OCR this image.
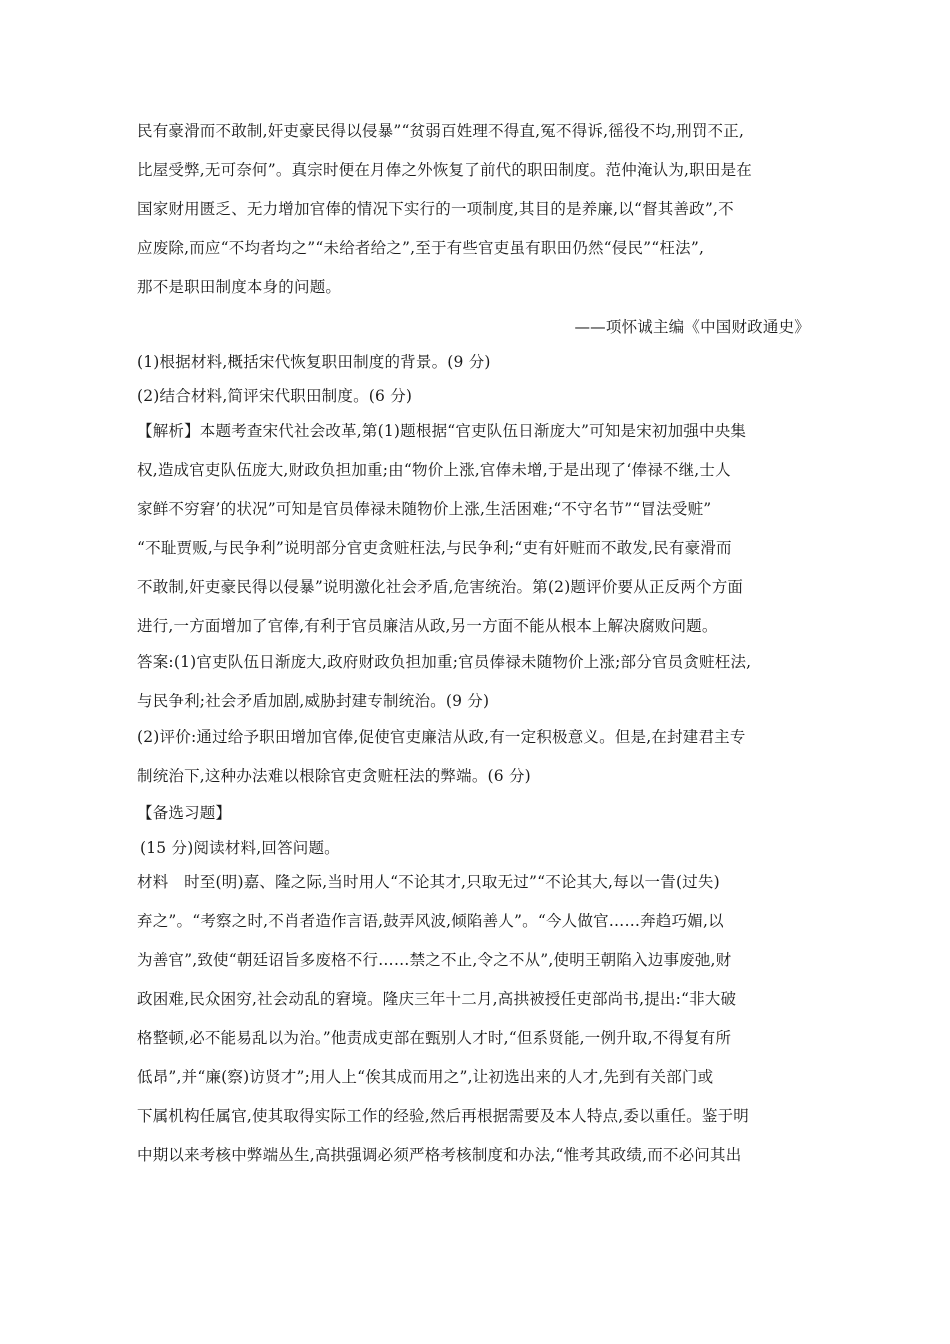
民有豪滑而不敢制,奸吏豪民得以侵暴”“贫弱百姓理不得直,冤不得诉,徭役不均,刑罚不正,
比屋受弊,无可奈何”。真宗时便在月俸之外恢复了前代的职田制度。范仲淹认为,职田是在
国家财用匮乏、无力增加官俸的情况下实行的一项制度,其目的是养廉,以“督其善政”,不
应废除,而应“不均者均之”“未给者给之”,至于有些官吏虽有职田仍然“侵民”“枉法”,
那不是职田制度本身的问题。
——项怀诚主编《中国财政通史》
(1)根据材料,概括宋代恢复职田制度的背景。(9 分)
(2)结合材料,简评宋代职田制度。(6 分)
【解析】本题考查宋代社会改革,第(1)题根据“官吏队伍日渐庞大”可知是宋初加强中央集
权,造成官吏队伍庞大,财政负担加重;由“物价上涨,官俸未增,于是出现了‘俸禄不继,士人
家鲜不穷窘’的状况”可知是官员俸禄未随物价上涨,生活困难;“不守名节”“冒法受赃”
“不耻贾贩,与民争利”说明部分官吏贪赃枉法,与民争利;“吏有奸赃而不敢发,民有豪滑而
不敢制,奸吏豪民得以侵暴”说明激化社会矛盾,危害统治。第(2)题评价要从正反两个方面
进行,一方面增加了官俸,有利于官员廉洁从政,另一方面不能从根本上解决腐败问题。
答案:(1)官吏队伍日渐庞大,政府财政负担加重;官员俸禄未随物价上涨;部分官员贪赃枉法,
与民争利;社会矛盾加剧,威胁封建专制统治。(9 分)
(2)评价:通过给予职田增加官俸,促使官吏廉洁从政,有一定积极意义。但是,在封建君主专
制统治下,这种办法难以根除官吏贪赃枉法的弊端。(6 分)
【备选习题】
(15 分)阅读材料,回答问题。
材料　时至(明)嘉、隆之际,当时用人“不论其才,只取无过”“不论其大,每以一眚(过失)
弃之”。“考察之时,不肖者造作言语,鼓弄风波,倾陷善人”。“今人做官……奔趋巧媚,以
为善官”,致使“朝廷诏旨多废格不行……禁之不止,令之不从”,使明王朝陷入边事废弛,财
政困难,民众困穷,社会动乱的窘境。隆庆三年十二月,高拱被授任吏部尚书,提出:“非大破
格整顿,必不能易乱以为治。”他责成吏部在甄别人才时,“但系贤能,一例升取,不得复有所
低昂”,并“廉(察)访贤才”;用人上“俟其成而用之”,让初选出来的人才,先到有关部门或
下属机构任属官,使其取得实际工作的经验,然后再根据需要及本人特点,委以重任。鉴于明
中期以来考核中弊端丛生,高拱强调必须严格考核制度和办法,“惟考其政绩,而不必问其出
